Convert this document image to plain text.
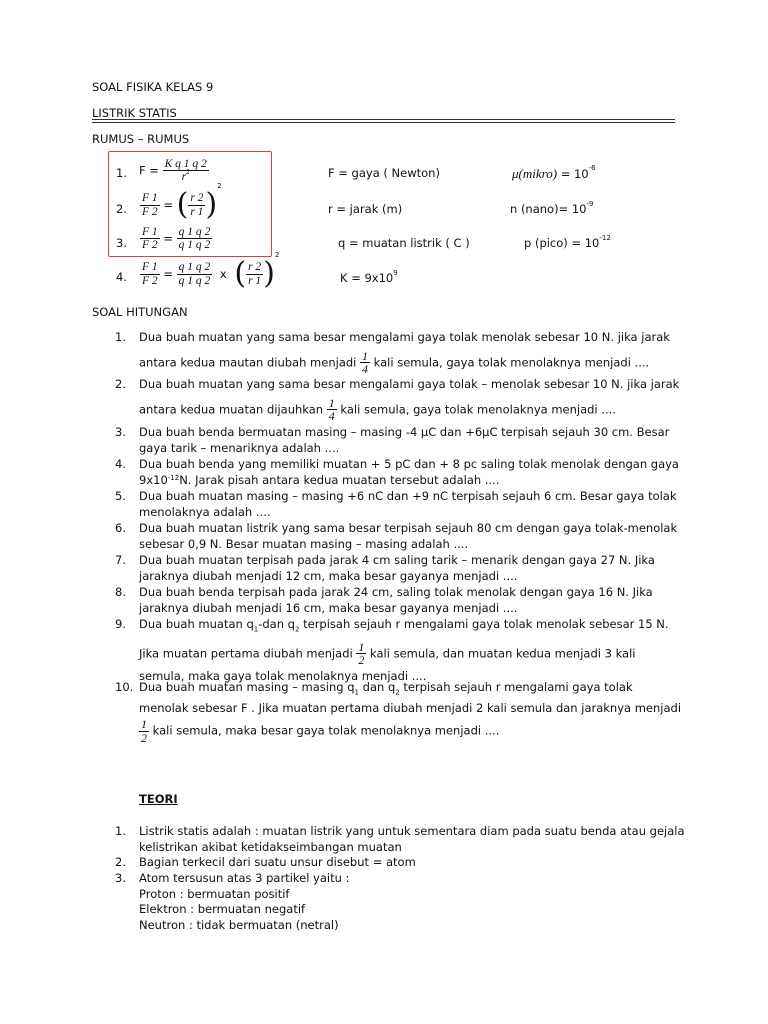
SOAL FISIKA KELAS 9
LISTRIK STATIS
RUMUS – RUMUS
1. $F = \frac{\text{K q 1 q 2}}{r^2}$
2. $\frac{F 1}{F 2}$ = ( $\frac{r 2}{r 1} )^2$
3. $\frac{F 1}{F 2} = \frac{q 1 q 2}{q 1 q 2}$
4. $\frac{F 1}{F 2} = \frac{q 1 q 2}{q 1 q 2}$ x ( $\frac{r 2}{r 1} )^2$
F = gaya ( Newton)
r = jarak (m)
q = muatan listrik ( C )
$K = 9x10^9$
μ(mikro) = $10^{-6}$
n (nano)= $10^{-9}$
p (pico) = $10^{-12}$
SOAL HITUNGAN
1.	Dua buah muatan yang sama besar mengalami gaya tolak menolak sebesar 10 N. jika jarak
antara kedua mautan diubah menjadi $\frac{1}{4}$ kali semula, gaya tolak menolaknya menjadi ....
2.	Dua buah muatan yang sama besar mengalami gaya tolak – menolak sebesar 10 N. jika jarak
antara kedua muatan dijauhkan $\frac{1}{4}$ kali semula, gaya tolak menolaknya menjadi ....
3.	Dua buah benda bermuatan masing – masing -4 μC dan +6μC terpisah sejauh 30 cm. Besar
gaya tarik – menariknya adalah ....
4.	Dua buah benda yang memiliki muatan + 5 pC dan + 8 pc saling tolak menolak dengan gaya
$9x10^{-12}N$. Jarak pisah antara kedua muatan tersebut adalah ....
5.	Dua buah muatan masing – masing +6 nC dan +9 nC terpisah sejauh 6 cm. Besar gaya tolak
menolaknya adalah ....
6.	Dua buah muatan listrik yang sama besar terpisah sejauh 80 cm dengan gaya tolak-menolak
sebesar 0,9 N. Besar muatan masing – masing adalah ....
7.	Dua buah muatan terpisah pada jarak 4 cm saling tarik – menarik dengan gaya 27 N. Jika
jaraknya diubah menjadi 12 cm, maka besar gayanya menjadi ....
8.	Dua buah benda terpisah pada jarak 24 cm, saling tolak menolak dengan gaya 16 N. Jika
jaraknya diubah menjadi 16 cm, maka besar gayanya menjadi ....
9.	Dua buah muatan $q_1$-dan $q_2$ terpisah sejauh r mengalami gaya tolak menolak sebesar 15 N.
Jika muatan pertama diubah menjadi $\frac{1}{2}$ kali semula, dan muatan kedua menjadi 3 kali
semula, maka gaya tolak menolaknya menjadi ....
10. Dua buah muatan masing – masing $q_1$ dan $q_2$ terpisah sejauh r mengalami gaya tolak
menolak sebesar F . Jika muatan pertama diubah menjadi 2 kali semula dan jaraknya menjadi
$\frac{1}{2}$ kali semula, maka besar gaya tolak menolaknya menjadi ....
TEORI
1.	Listrik statis adalah : muatan listrik yang untuk sementara diam pada suatu benda atau gejala
kelistrikan akibat ketidakseimbangan muatan
2.	Bagian terkecil dari suatu unsur disebut = atom
3.	Atom tersusun atas 3 partikel yaitu :
Proton : bermuatan positif
Elektron : bermuatan negatif
Neutron : tidak bermuatan (netral)
